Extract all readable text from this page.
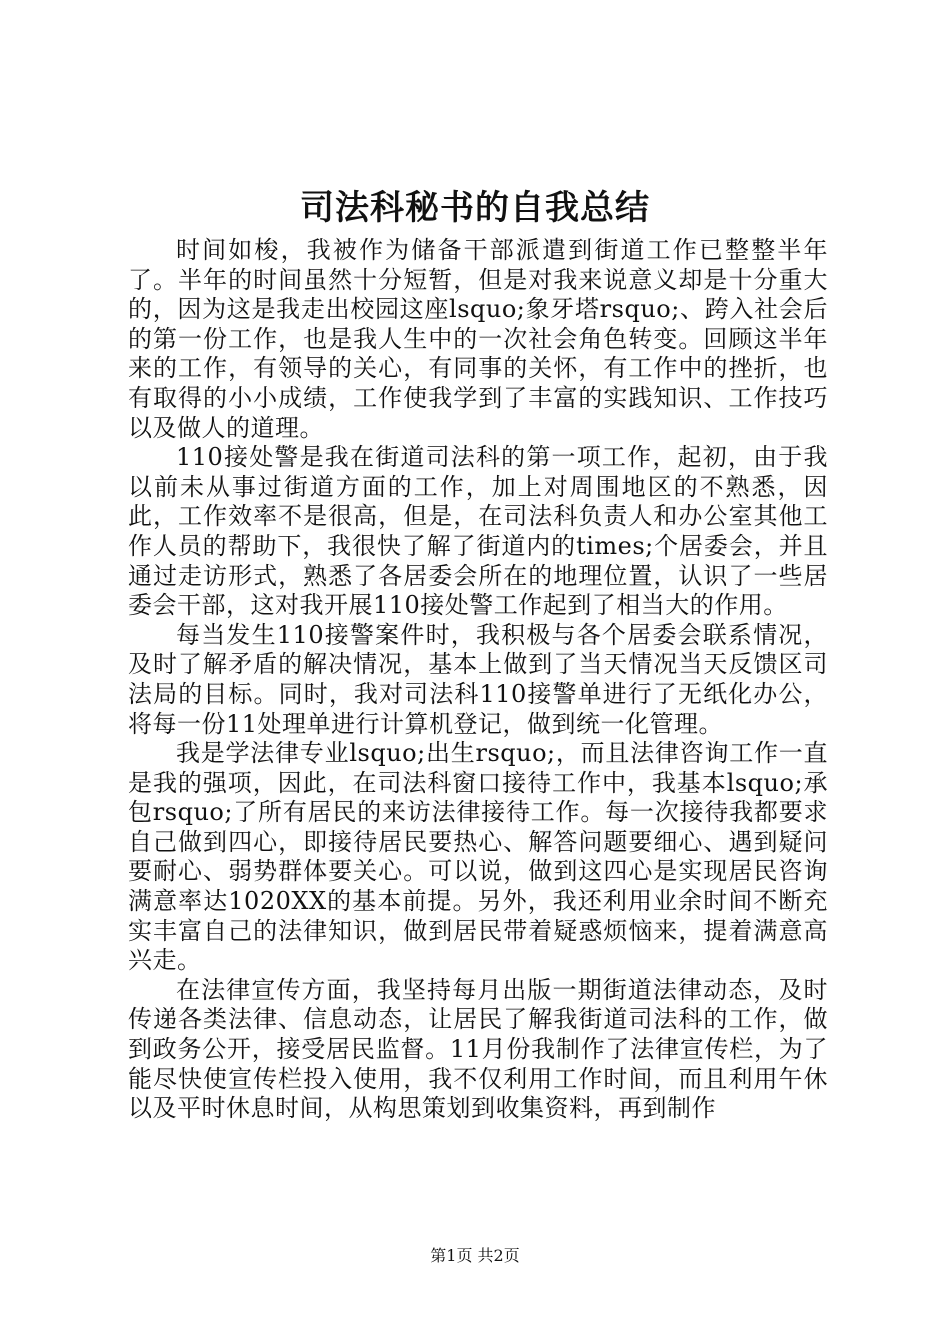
司法科秘书的自我总结

时间如梭，我被作为储备干部派遣到街道工作已整整半年了。半年的时间虽然十分短暂，但是对我来说意义却是十分重大的，因为这是我走出校园这座lsquo;象牙塔rsquo;、跨入社会后的第一份工作，也是我人生中的一次社会角色转变。回顾这半年来的工作，有领导的关心，有同事的关怀，有工作中的挫折，也有取得的小小成绩，工作使我学到了丰富的实践知识、工作技巧以及做人的道理。

110接处警是我在街道司法科的第一项工作，起初，由于我以前未从事过街道方面的工作，加上对周围地区的不熟悉，因此，工作效率不是很高，但是，在司法科负责人和办公室其他工作人员的帮助下，我很快了解了街道内的times;个居委会，并且通过走访形式，熟悉了各居委会所在的地理位置，认识了一些居委会干部，这对我开展110接处警工作起到了相当大的作用。

每当发生110接警案件时，我积极与各个居委会联系情况，及时了解矛盾的解决情况，基本上做到了当天情况当天反馈区司法局的目标。同时，我对司法科110接警单进行了无纸化办公，将每一份11处理单进行计算机登记，做到统一化管理。

我是学法律专业lsquo;出生rsquo;，而且法律咨询工作一直是我的强项，因此，在司法科窗口接待工作中，我基本lsquo;承包rsquo;了所有居民的来访法律接待工作。每一次接待我都要求自己做到四心，即接待居民要热心、解答问题要细心、遇到疑问要耐心、弱势群体要关心。可以说，做到这四心是实现居民咨询满意率达1020XX的基本前提。另外，我还利用业余时间不断充实丰富自己的法律知识，做到居民带着疑惑烦恼来，提着满意高兴走。

在法律宣传方面，我坚持每月出版一期街道法律动态，及时传递各类法律、信息动态，让居民了解我街道司法科的工作，做到政务公开，接受居民监督。11月份我制作了法律宣传栏，为了能尽快使宣传栏投入使用，我不仅利用工作时间，而且利用午休以及平时休息时间，从构思策划到收集资料，再到制作

第1页 共2页
